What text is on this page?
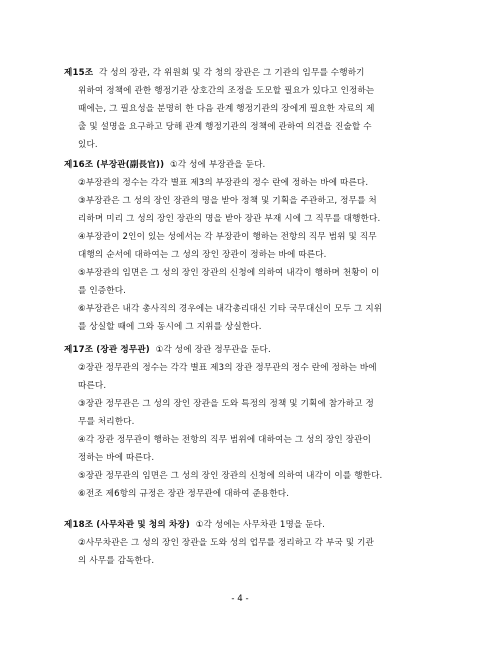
제15조 각 성의 장관, 각 위원회 및 각 청의 장관은 그 기관의 임무를 수행하기
위하여 정책에 관한 행정기관 상호간의 조정을 도모할 필요가 있다고 인정하는
때에는, 그 필요성을 분명히 한 다음 관계 행정기관의 장에게 필요한 자료의 제
출 및 설명을 요구하고 당해 관계 행정기관의 정책에 관하여 의견을 진술할 수
있다.
제16조 (부장관(副長官)) ①각 성에 부장관을 둔다.
②부장관의 정수는 각각 별표 제3의 부장관의 정수 란에 정하는 바에 따른다.
③부장관은 그 성의 장인 장관의 명을 받아 정책 및 기획을 주관하고, 정무를 처
리하며 미리 그 성의 장인 장관의 명을 받아 장관 부재 시에 그 직무를 대행한다.
④부장관이 2인이 있는 성에서는 각 부장관이 행하는 전항의 직무 범위 및 직무
대행의 순서에 대하여는 그 성의 장인 장관이 정하는 바에 따른다.
⑤부장관의 임면은 그 성의 장인 장관의 신청에 의하여 내각이 행하며 천황이 이
를 인증한다.
⑥부장관은 내각 총사직의 경우에는 내각총리대신 기타 국무대신이 모두 그 지위
를 상실할 때에 그와 동시에 그 지위를 상실한다.
제17조 (장관 정무관) ①각 성에 장관 정무관을 둔다.
②장관 정무관의 정수는 각각 별표 제3의 장관 정무관의 정수 란에 정하는 바에
따른다.
③장관 정무관은 그 성의 장인 장관을 도와 특정의 정책 및 기획에 참가하고 정
무를 처리한다.
④각 장관 정무관이 행하는 전항의 직무 범위에 대하여는 그 성의 장인 장관이
정하는 바에 따른다.
⑤장관 정무관의 임면은 그 성의 장인 장관의 신청에 의하여 내각이 이를 행한다.
⑥전조 제6항의 규정은 장관 정무관에 대하여 준용한다.
제18조 (사무차관 및 청의 차장) ①각 성에는 사무차관 1명을 둔다.
②사무차관은 그 성의 장인 장관을 도와 성의 업무를 정리하고 각 부국 및 기관
의 사무를 감독한다.
- 4 -
